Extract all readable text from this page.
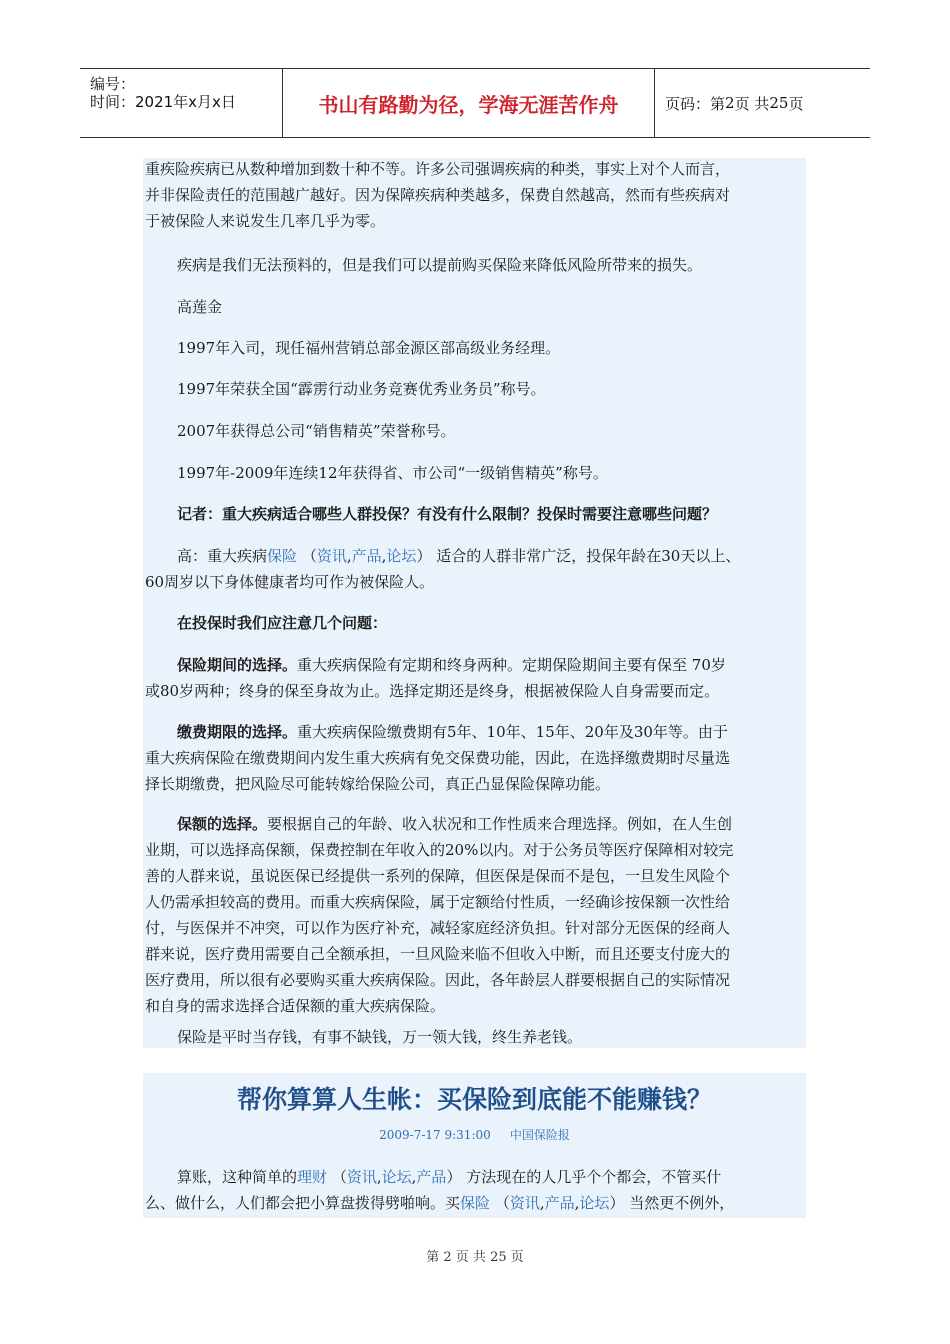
编号：
时间：2021年x月x日	书山有路勤为径，学海无涯苦作舟	页码：第 2 页 共 25 页
重疾险疾病已从数种增加到数十种不等。许多公司强调疾病的种类，事实上对个人而言，
并非保险责任的范围越广越好。因为保障疾病种类越多，保费自然越高，然而有些疾病对
于被保险人来说发生几率几乎为零。
疾病是我们无法预料的，但是我们可以提前购买保险来降低风险所带来的损失。
高莲金
1997年入司，现任福州营销总部金源区部高级业务经理。
1997年荣获全国“霹雳行动业务竞赛优秀业务员”称号。
2007年获得总公司“销售精英”荣誉称号。
1997年-2009年连续12年获得省、市公司“一级销售精英”称号。
记者：重大疾病适合哪些人群投保？有没有什么限制？投保时需要注意哪些问题？
高：重大疾病保险 （资讯,产品,论坛） 适合的人群非常广泛，投保年龄在30天以上、
60周岁以下身体健康者均可作为被保险人。
在投保时我们应注意几个问题：
保险期间的选择。重大疾病保险有定期和终身两种。定期保险期间主要有保至 70岁
或80岁两种；终身的保至身故为止。选择定期还是终身，根据被保险人自身需要而定。
缴费期限的选择。重大疾病保险缴费期有5年、10年、15年、20年及30年等。由于
重大疾病保险在缴费期间内发生重大疾病有免交保费功能，因此，在选择缴费期时尽量选
择长期缴费，把风险尽可能转嫁给保险公司，真正凸显保险保障功能。
保额的选择。要根据自己的年龄、收入状况和工作性质来合理选择。例如，在人生创
业期，可以选择高保额，保费控制在年收入的20%以内。对于公务员等医疗保障相对较完
善的人群来说，虽说医保已经提供一系列的保障，但医保是保而不是包，一旦发生风险个
人仍需承担较高的费用。而重大疾病保险，属于定额给付性质，一经确诊按保额一次性给
付，与医保并不冲突，可以作为医疗补充，减轻家庭经济负担。针对部分无医保的经商人
群来说，医疗费用需要自己全额承担，一旦风险来临不但收入中断，而且还要支付庞大的
医疗费用，所以很有必要购买重大疾病保险。因此，各年龄层人群要根据自己的实际情况
和自身的需求选择合适保额的重大疾病保险。
保险是平时当存钱，有事不缺钱，万一领大钱，终生养老钱。
帮你算算人生帐：买保险到底能不能赚钱？
2009-7-17 9:31:00 中国保险报
算账，这种简单的理财 （资讯,论坛,产品） 方法现在的人几乎个个都会，不管买什
么、做什么，人们都会把小算盘拨得劈啪响。买保险 （资讯,产品,论坛） 当然更不例外，
第 2 页 共 25 页
